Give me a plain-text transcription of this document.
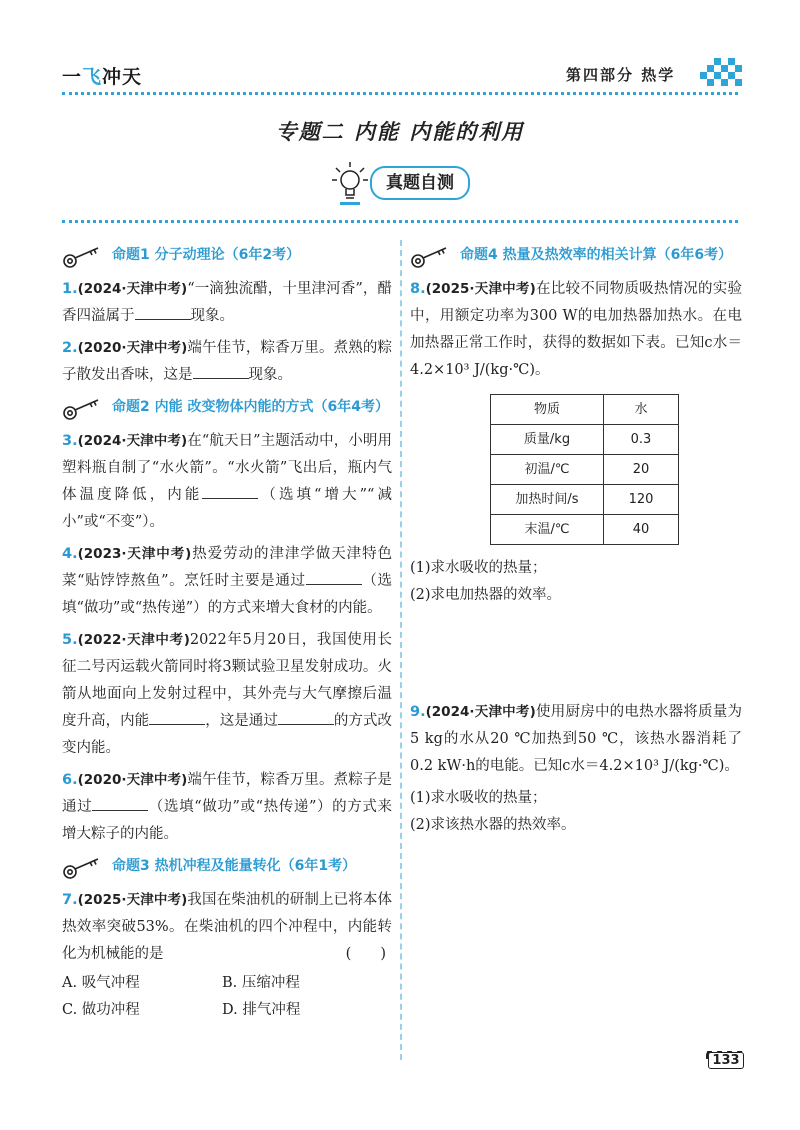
一飞冲天	第四部分 热学
专题二 内能 内能的利用
真题自测
命题1 分子动理论（6年2考）
1.(2024·天津中考)“一滴独流醋，十里津河香”，醋香四溢属于	现象。
2.(2020·天津中考)端午佳节，粽香万里。煮熟的粽子散发出香味，这是	现象。
命题2 内能 改变物体内能的方式（6年4考）
3.(2024·天津中考)在“航天日”主题活动中，小明用塑料瓶自制了“水火箭”。“水火箭”飞出后，瓶内气体温度降低，内能	（选填“增大”“减小”或“不变”）。
4.(2023·天津中考)热爱劳动的津津学做天津特色菜“贴饽饽熬鱼”。烹饪时主要是通过	（选填“做功”或“热传递”）的方式来增大食材的内能。
5.(2022·天津中考)2022年5月20日，我国使用长征二号丙运载火箭同时将3颗试验卫星发射成功。火箭从地面向上发射过程中，其外壳与大气摩擦后温度升高，内能	，这是通过	的方式改变内能。
6.(2020·天津中考)端午佳节，粽香万里。煮粽子是通过	（选填“做功”或“热传递”）的方式来增大粽子的内能。
命题3 热机冲程及能量转化（6年1考）
7.(2025·天津中考)我国在柴油机的研制上已将本体热效率突破53%。在柴油机的四个冲程中，内能转化为机械能的是	(　　)
A. 吸气冲程	B. 压缩冲程
C. 做功冲程	D. 排气冲程
命题4 热量及热效率的相关计算（6年6考）
8.(2025·天津中考)在比较不同物质吸热情况的实验中，用额定功率为300 W的电加热器加热水。在电加热器正常工作时，获得的数据如下表。已知c水＝4.2×10³ J/(kg·℃)。
物质	水
质量/kg	0.3
初温/℃	20
加热时间/s	120
末温/℃	40

(1)求水吸收的热量；

(2)求电加热器的效率。

9.(2024·天津中考)使用厨房中的电热水器将质量为5 kg的水从20 ℃加热到50 ℃，该热水器消耗了0.2 kW·h的电能。已知c水＝4.2×10³ J/(kg·℃)。

(1)求水吸收的热量；

(2)求该热水器的热效率。

133
